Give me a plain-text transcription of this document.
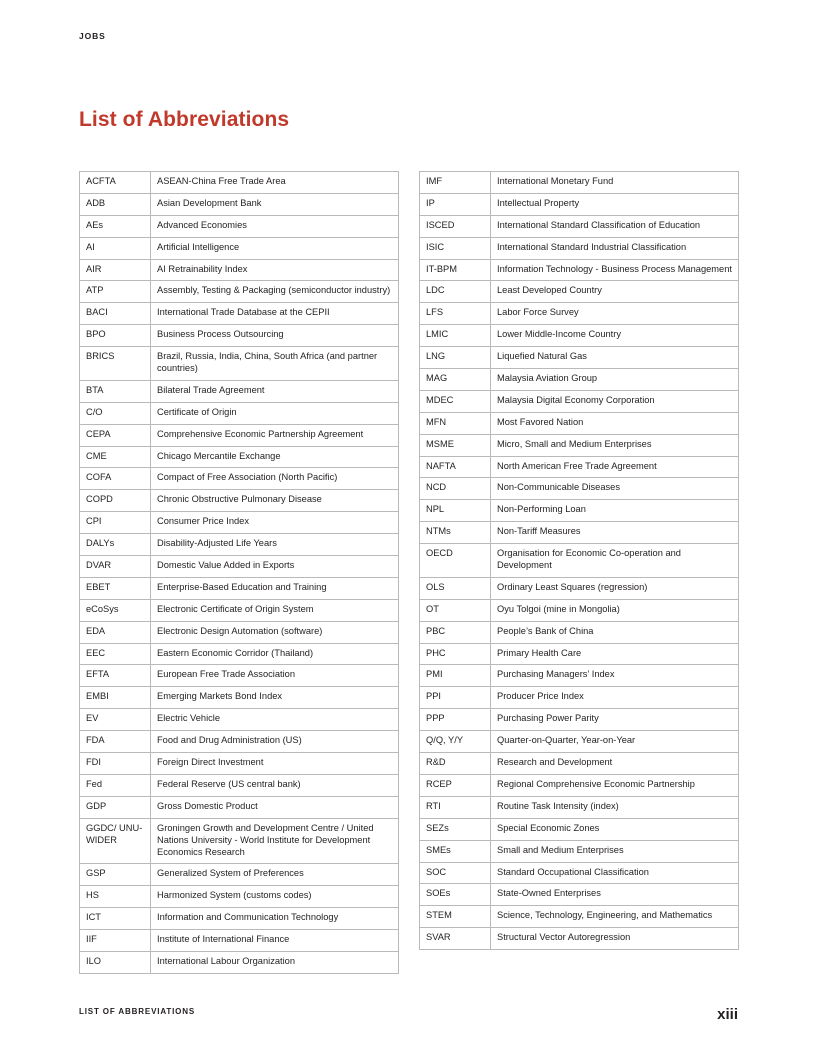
JOBS
List of Abbreviations
ACFTA	ASEAN-China Free Trade Area
ADB	Asian Development Bank
AEs	Advanced Economies
AI	Artificial Intelligence
AIR	AI Retrainability Index
ATP	Assembly, Testing & Packaging (semiconductor industry)
BACI	International Trade Database at the CEPII
BPO	Business Process Outsourcing
BRICS	Brazil, Russia, India, China, South Africa (and partner countries)
BTA	Bilateral Trade Agreement
C/O	Certificate of Origin
CEPA	Comprehensive Economic Partnership Agreement
CME	Chicago Mercantile Exchange
COFA	Compact of Free Association (North Pacific)
COPD	Chronic Obstructive Pulmonary Disease
CPI	Consumer Price Index
DALYs	Disability-Adjusted Life Years
DVAR	Domestic Value Added in Exports
EBET	Enterprise-Based Education and Training
eCoSys	Electronic Certificate of Origin System
EDA	Electronic Design Automation (software)
EEC	Eastern Economic Corridor (Thailand)
EFTA	European Free Trade Association
EMBI	Emerging Markets Bond Index
EV	Electric Vehicle
FDA	Food and Drug Administration (US)
FDI	Foreign Direct Investment
Fed	Federal Reserve (US central bank)
GDP	Gross Domestic Product
GGDC/ UNU-WIDER	Groningen Growth and Development Centre / United Nations University - World Institute for Development Economics Research
GSP	Generalized System of Preferences
HS	Harmonized System (customs codes)
ICT	Information and Communication Technology
IIF	Institute of International Finance
ILO	International Labour Organization
IMF	International Monetary Fund
IP	Intellectual Property
ISCED	International Standard Classification of Education
ISIC	International Standard Industrial Classification
IT-BPM	Information Technology - Business Process Management
LDC	Least Developed Country
LFS	Labor Force Survey
LMIC	Lower Middle-Income Country
LNG	Liquefied Natural Gas
MAG	Malaysia Aviation Group
MDEC	Malaysia Digital Economy Corporation
MFN	Most Favored Nation
MSME	Micro, Small and Medium Enterprises
NAFTA	North American Free Trade Agreement
NCD	Non-Communicable Diseases
NPL	Non-Performing Loan
NTMs	Non-Tariff Measures
OECD	Organisation for Economic Co-operation and Development
OLS	Ordinary Least Squares (regression)
OT	Oyu Tolgoi (mine in Mongolia)
PBC	People’s Bank of China
PHC	Primary Health Care
PMI	Purchasing Managers’ Index
PPI	Producer Price Index
PPP	Purchasing Power Parity
Q/Q, Y/Y	Quarter-on-Quarter, Year-on-Year
R&D	Research and Development
RCEP	Regional Comprehensive Economic Partnership
RTI	Routine Task Intensity (index)
SEZs	Special Economic Zones
SMEs	Small and Medium Enterprises
SOC	Standard Occupational Classification
SOEs	State-Owned Enterprises
STEM	Science, Technology, Engineering, and Mathematics
SVAR	Structural Vector Autoregression
LIST OF ABBREVIATIONS	xiii
